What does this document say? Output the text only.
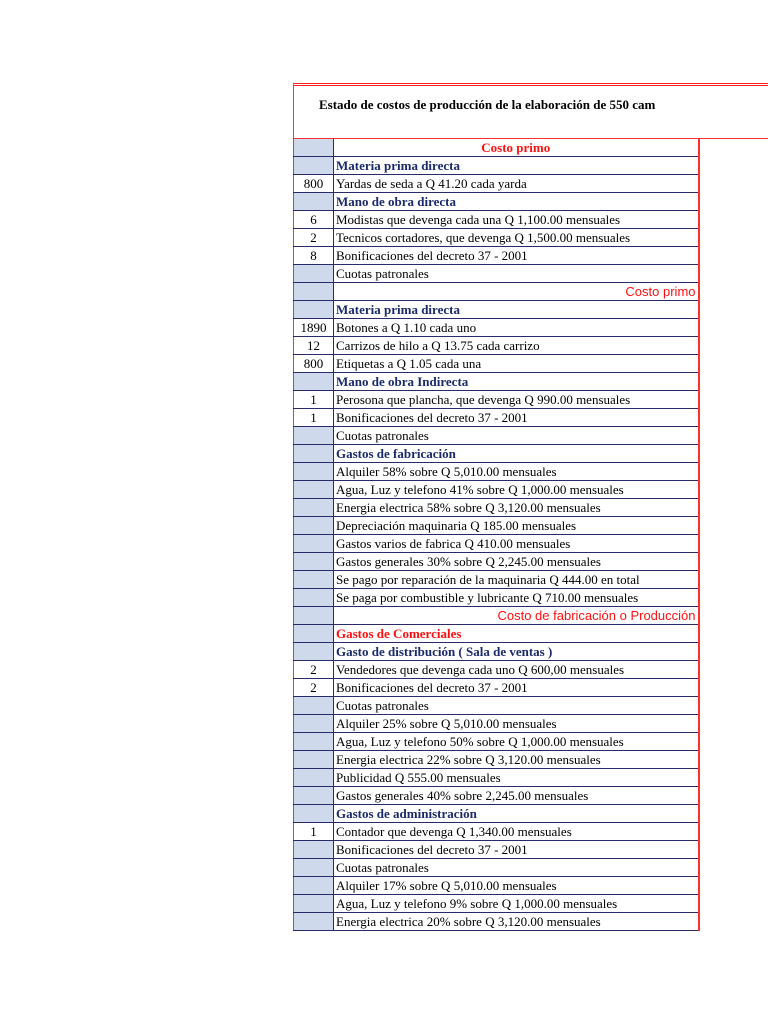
Estado de costos de producción de la elaboración de 550 cam
	Costo primo
	Materia prima directa
800	Yardas de seda a Q 41.20 cada yarda
	Mano de obra directa
6	Modistas que devenga cada una Q 1,100.00 mensuales
2	Tecnicos cortadores, que devenga Q 1,500.00 mensuales
8	Bonificaciones del decreto 37 - 2001
	Cuotas patronales
	Costo primo
	Materia prima directa
1890	Botones a Q 1.10 cada uno
12	Carrizos de hilo a Q 13.75 cada carrizo
800	Etiquetas a Q 1.05 cada una
	Mano de obra Indirecta
1	Perosona que plancha, que devenga Q 990.00 mensuales
1	Bonificaciones del decreto 37 - 2001
	Cuotas patronales
	Gastos de fabricación
	Alquiler 58% sobre Q 5,010.00 mensuales
	Agua, Luz y telefono 41% sobre Q 1,000.00 mensuales
	Energia electrica 58% sobre Q 3,120.00 mensuales
	Depreciación maquinaria Q 185.00 mensuales
	Gastos varios de fabrica Q 410.00 mensuales
	Gastos generales 30% sobre Q 2,245.00 mensuales
	Se pago por reparación de la maquinaria Q 444.00 en total
	Se paga por combustible y lubricante Q 710.00 mensuales
	Costo de fabricación o Producción
	Gastos de Comerciales
	Gasto de distribución ( Sala de ventas )
2	Vendedores que devenga cada uno Q 600,00 mensuales
2	Bonificaciones del decreto 37 - 2001
	Cuotas patronales
	Alquiler 25% sobre Q 5,010.00 mensuales
	Agua, Luz y telefono 50% sobre Q 1,000.00 mensuales
	Energia electrica 22% sobre Q 3,120.00 mensuales
	Publicidad Q 555.00 mensuales
	Gastos generales 40% sobre 2,245.00 mensuales
	Gastos de administración
1	Contador que devenga Q 1,340.00 mensuales
	Bonificaciones del decreto 37 - 2001
	Cuotas patronales
	Alquiler 17% sobre Q 5,010.00 mensuales
	Agua, Luz y telefono 9% sobre Q 1,000.00 mensuales
	Energia electrica 20% sobre Q 3,120.00 mensuales
